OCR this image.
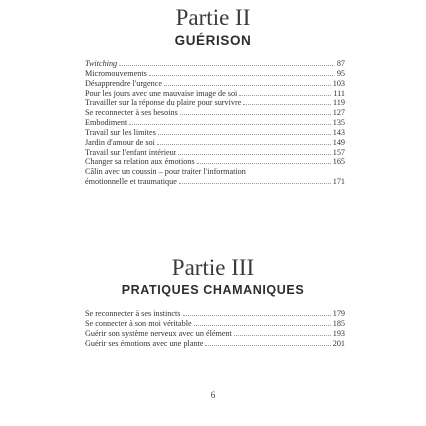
Partie II
GUÉRISON
Twitching	87
Micromouvements	95
Désapprendre l'urgence	103
Pour les jours avec une mauvaise image de soi	111
Travailler sur la réponse du plaire pour survivre	119
Se reconnecter à ses besoins	127
Embodiment	135
Travail sur les limites	143
Jardin d'amour de soi	149
Travail sur l'enfant intérieur	157
Changer sa relation aux émotions	165
Câlin avec un coussin – pour traiter l'information
émotionnelle et traumatique	171
Partie III
PRATIQUES CHAMANIQUES
Se reconnecter à ses instincts	179
Se connecter à son moi véritable	185
Guérir son système nerveux avec un élément	193
Guérir ses émotions avec une plante	201
6
